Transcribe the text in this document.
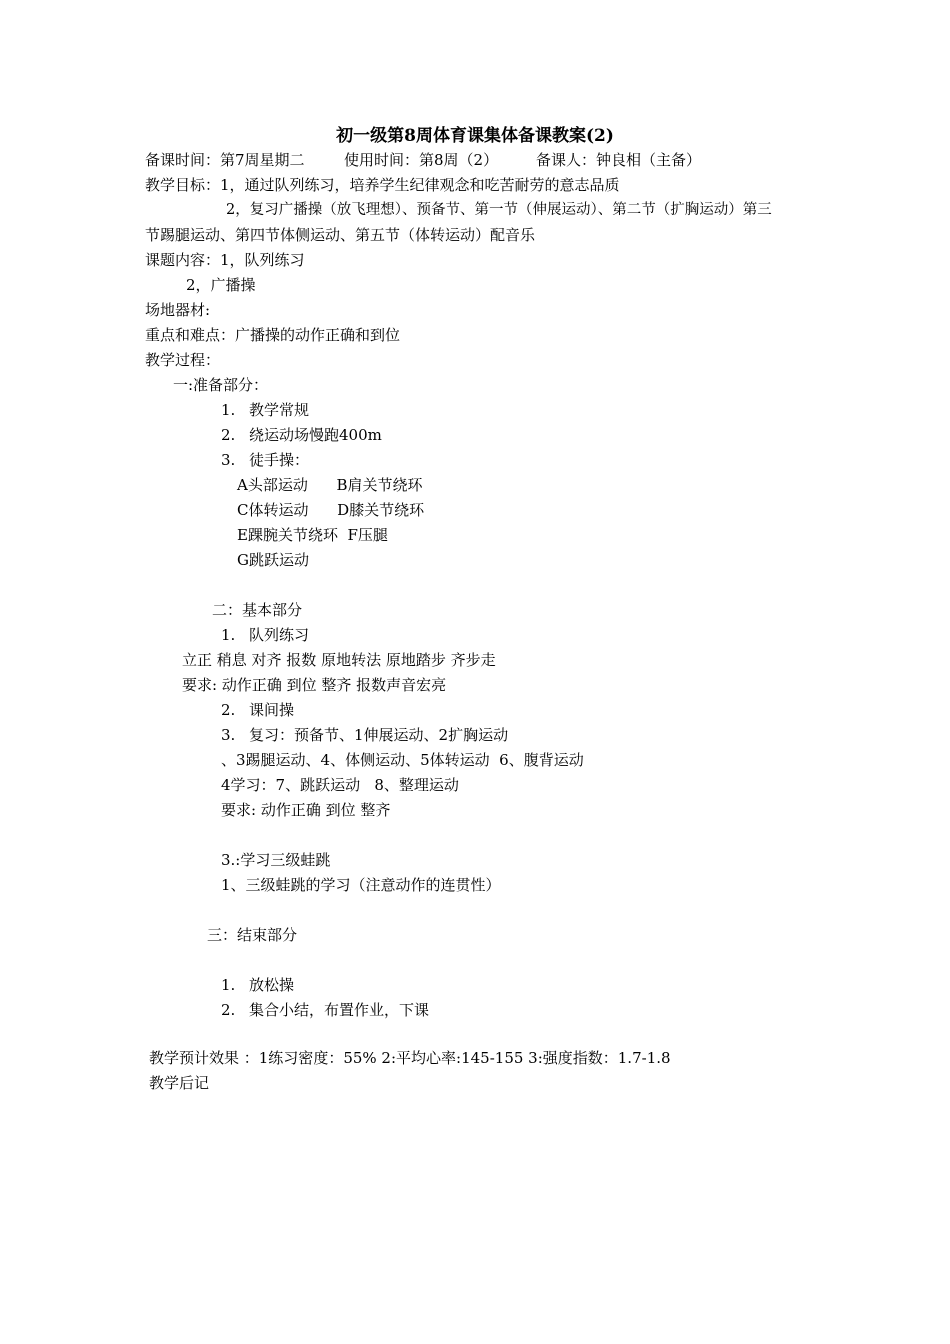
初一级第8周体育课集体备课教案(2)
备课时间：第7周星期二	使用时间：第8周（2）	备课人：钟良相（主备）
教学目标：1，通过队列练习，培养学生纪律观念和吃苦耐劳的意志品质
2，复习广播操（放飞理想）、预备节、第一节（伸展运动）、第二节（扩胸运动）第三
节踢腿运动、第四节体侧运动、第五节（体转运动）配音乐
课题内容：1，队列练习
2，广播操
场地器材:
重点和难点：广播操的动作正确和到位
教学过程：
一:准备部分：
1. 教学常规
2. 绕运动场慢跑400m
3. 徒手操：
A头部运动      B肩关节绕环
C体转运动      D膝关节绕环
E踝腕关节绕环  F压腿
G跳跃运动
二：基本部分
1. 队列练习
立正 稍息 对齐 报数 原地转法 原地踏步 齐步走
要求: 动作正确 到位 整齐 报数声音宏亮
2. 课间操
3. 复习：预备节、1伸展运动、2扩胸运动
、3踢腿运动、4、体侧运动、5体转运动  6、腹背运动
4学习：7、跳跃运动   8、整理运动
要求: 动作正确 到位 整齐
3.:学习三级蛙跳
1、三级蛙跳的学习（注意动作的连贯性）
三：结束部分
1. 放松操
2. 集合小结，布置作业，下课
教学预计效果 ：1练习密度：55% 2:平均心率:145-155 3:强度指数：1.7-1.8
教学后记
